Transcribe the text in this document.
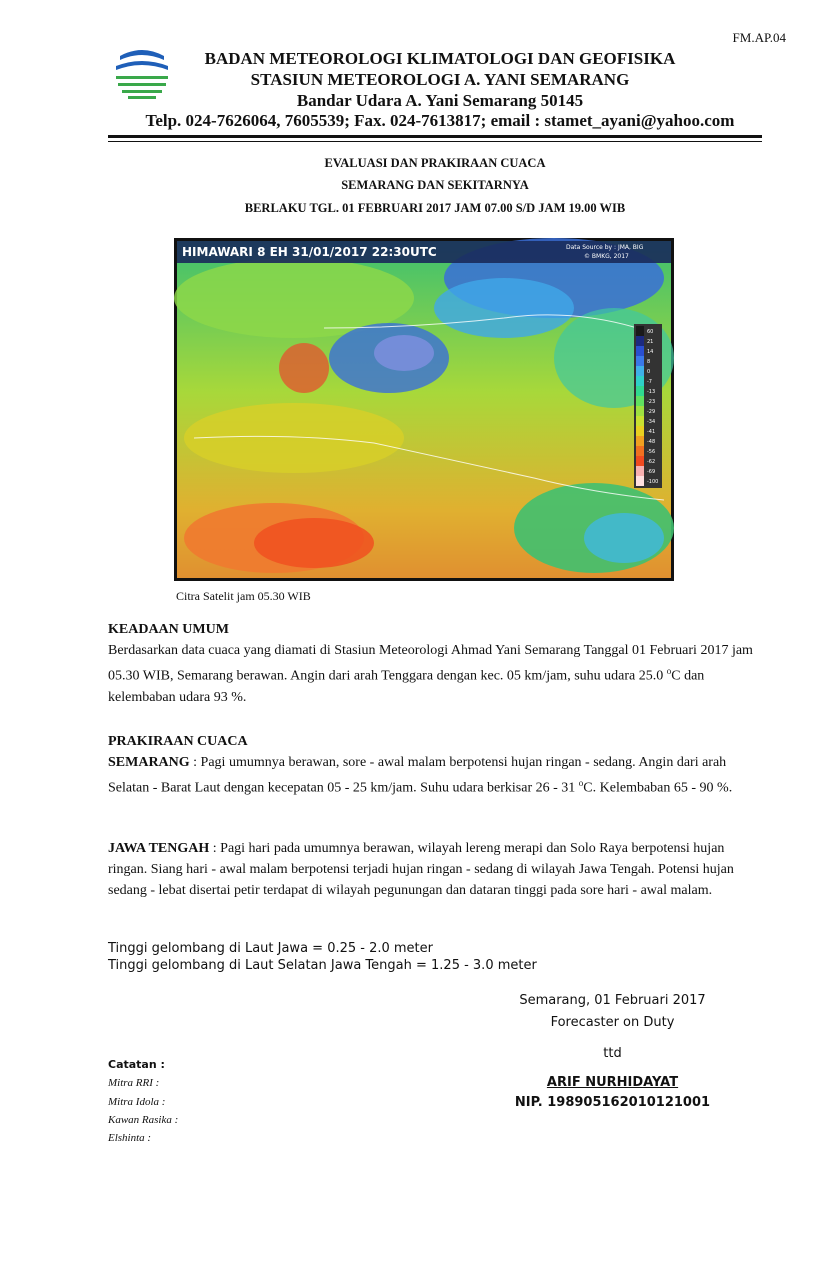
FM.AP.04
BADAN METEOROLOGI KLIMATOLOGI DAN GEOFISIKA
STASIUN METEOROLOGI A. YANI SEMARANG
Bandar Udara A. Yani Semarang 50145
Telp. 024-7626064, 7605539; Fax. 024-7613817; email : stamet_ayani@yahoo.com
EVALUASI DAN PRAKIRAAN CUACA
SEMARANG DAN SEKITARNYA
BERLAKU TGL. 01 FEBRUARI 2017 JAM 07.00 S/D JAM 19.00 WIB
HIMAWARI 8 EH 31/01/2017 22:30UTC	Data Source by : JMA, BIG
© BMKG, 2017
60
21
14
8
0
-7
-13
-23
-29
-34
-41
-48
-56
-62
-69
-100
Citra Satelit jam 05.30 WIB
KEADAAN UMUM
Berdasarkan data cuaca yang diamati di Stasiun Meteorologi Ahmad Yani Semarang Tanggal 01 Februari 2017 jam 05.30 WIB, Semarang berawan. Angin dari arah Tenggara dengan kec. 05 km/jam, suhu udara 25.0 $^o$C dan kelembaban udara 93 %.
PRAKIRAAN CUACA
SEMARANG : Pagi umumnya berawan, sore - awal malam berpotensi hujan ringan - sedang. Angin dari arah Selatan - Barat Laut dengan kecepatan 05 - 25 km/jam. Suhu udara berkisar 26 - 31 $^o$C. Kelembaban 65 - 90 %.
JAWA TENGAH : Pagi hari pada umumnya berawan, wilayah lereng merapi dan Solo Raya berpotensi hujan ringan. Siang hari - awal malam berpotensi terjadi hujan ringan - sedang di wilayah Jawa Tengah. Potensi hujan sedang - lebat disertai petir terdapat di wilayah pegunungan dan dataran tinggi pada sore hari - awal malam.
Tinggi gelombang di Laut Jawa = 0.25 - 2.0 meter
Tinggi gelombang di Laut Selatan Jawa Tengah = 1.25 - 3.0 meter
Semarang, 01 Februari 2017
Forecaster on Duty
ttd
ARIF NURHIDAYAT
NIP. 198905162010121001
Catatan :
Mitra RRI :
Mitra Idola :
Kawan Rasika :
Elshinta :
